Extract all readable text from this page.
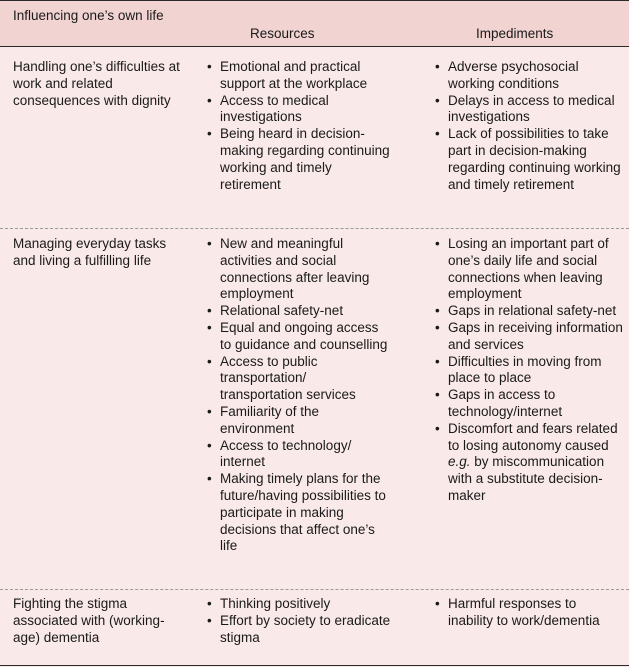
Influencing one’s own life
Resources	Impediments
Handling one’s difficulties at work and related consequences with dignity
• Emotional and practical support at the workplace
• Access to medical investigations
• Being heard in decision-making regarding continuing working and timely retirement
• Adverse psychosocial working conditions
• Delays in access to medical investigations
• Lack of possibilities to take part in decision-making regarding continuing working and timely retirement
Managing everyday tasks and living a fulfilling life
• New and meaningful activities and social connections after leaving employment
• Relational safety-net
• Equal and ongoing access to guidance and counselling
• Access to public transportation/ transportation services
• Familiarity of the environment
• Access to technology/ internet
• Making timely plans for the future/having possibilities to participate in making decisions that affect one’s life
• Losing an important part of one’s daily life and social connections when leaving employment
• Gaps in relational safety-net
• Gaps in receiving information and services
• Difficulties in moving from place to place
• Gaps in access to technology/internet
• Discomfort and fears related to losing autonomy caused e.g. by miscommunication with a substitute decision-maker
Fighting the stigma associated with (working-age) dementia
• Thinking positively
• Effort by society to eradicate stigma
• Harmful responses to inability to work/dementia
